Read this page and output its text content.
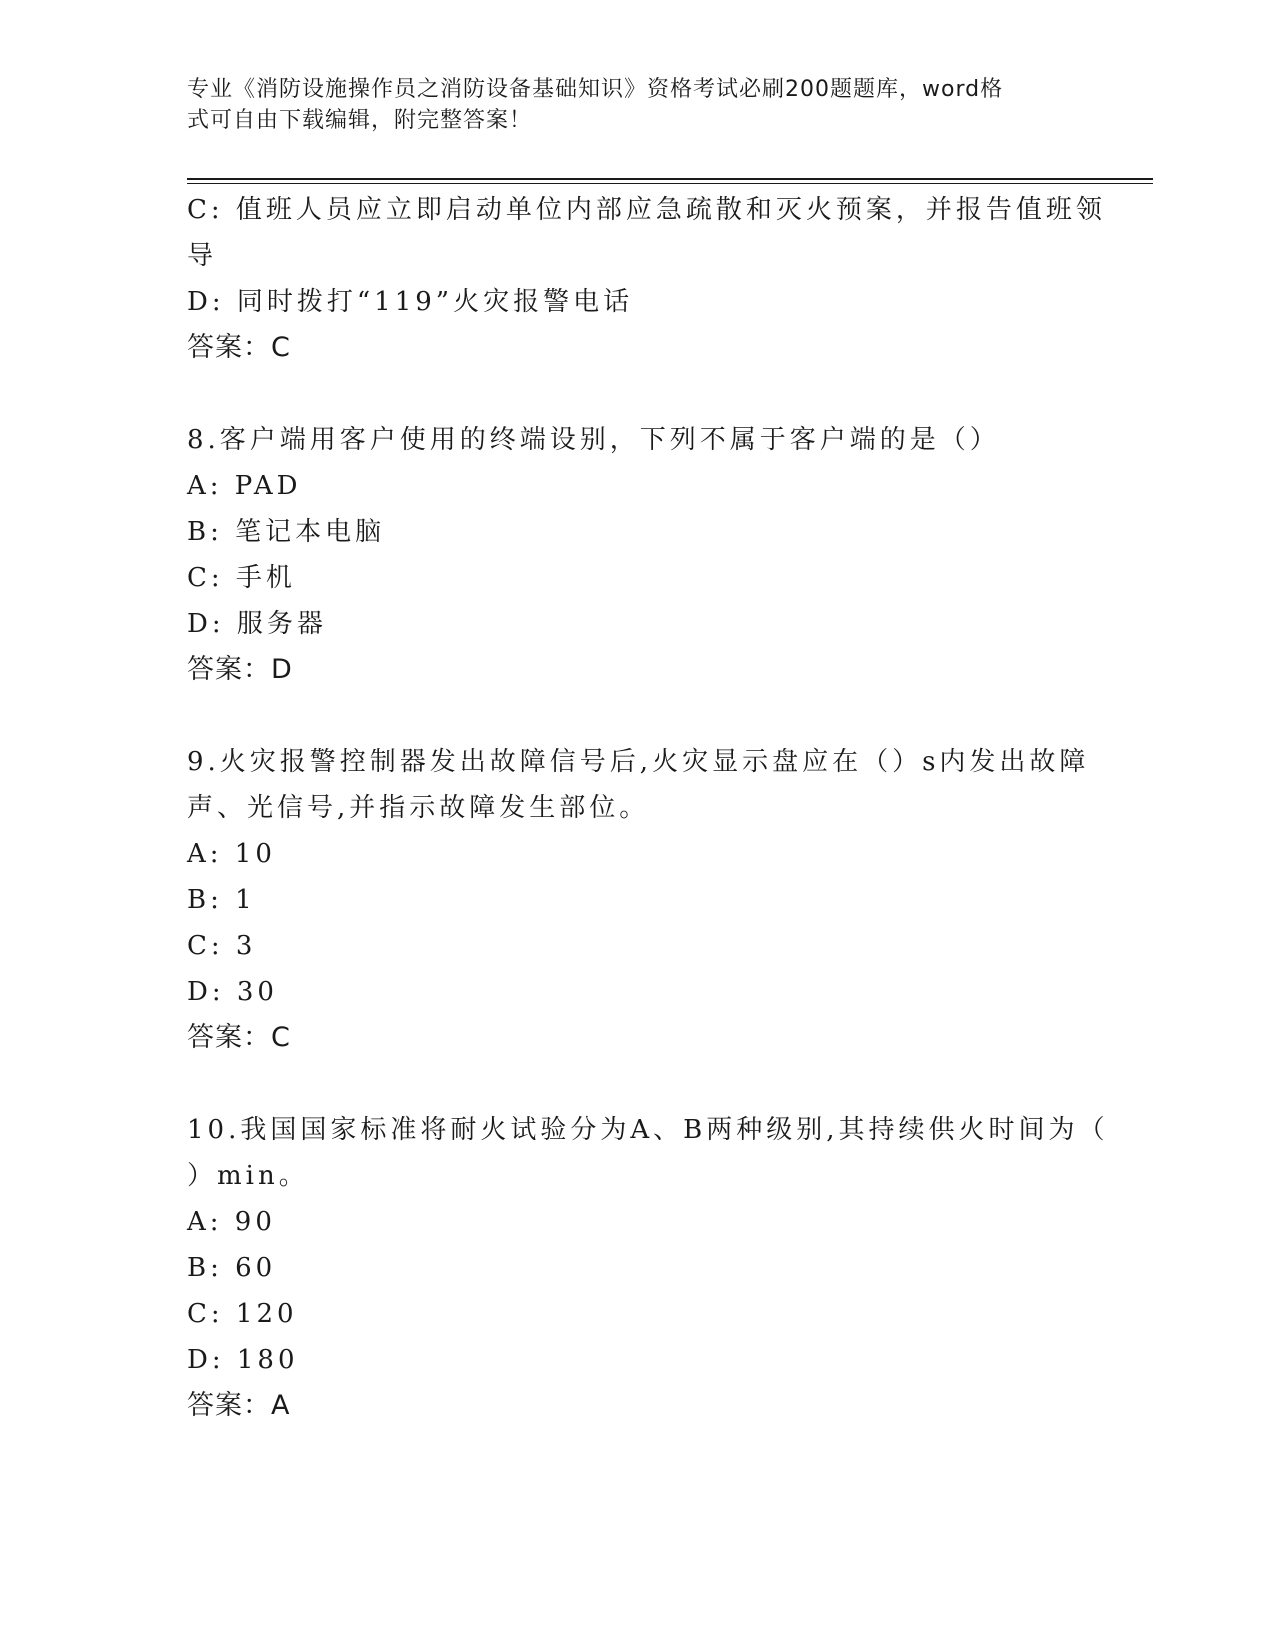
专业《消防设施操作员之消防设备基础知识》资格考试必刷200题题库，word格
式可自由下载编辑，附完整答案！
C: 值班人员应立即启动单位内部应急疏散和灭火预案，并报告值班领
导
D: 同时拨打“119”火灾报警电话
答案：C
8.客户端用客户使用的终端设别，下列不属于客户端的是（）
A: PAD
B: 笔记本电脑
C: 手机
D: 服务器
答案：D
9.火灾报警控制器发出故障信号后,火灾显示盘应在（）s内发出故障
声、光信号,并指示故障发生部位。
A: 10
B: 1
C: 3
D: 30
答案：C
10.我国国家标准将耐火试验分为A、B两种级别,其持续供火时间为（
）min。
A: 90
B: 60
C: 120
D: 180
答案：A
